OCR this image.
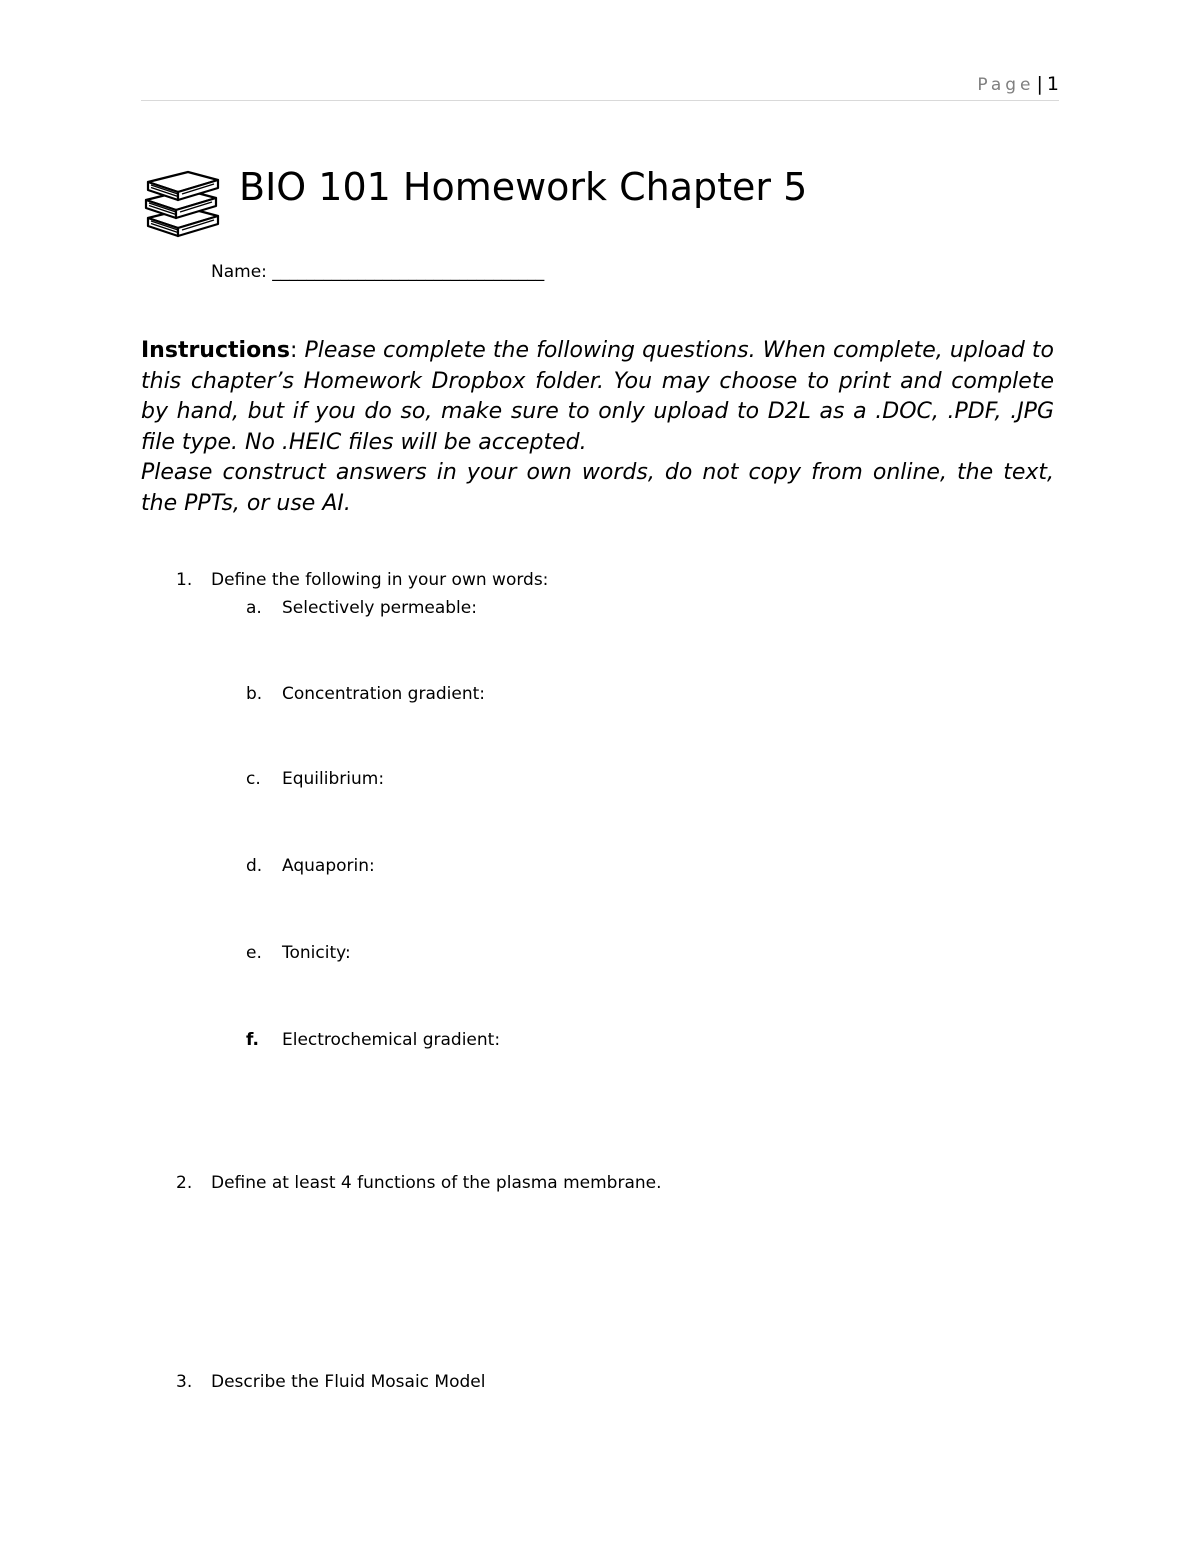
Page | 1
BIO 101 Homework Chapter 5
Name: ________________________________

Instructions: Please complete the following questions. When complete, upload to this chapter’s Homework Dropbox folder. You may choose to print and complete by hand, but if you do so, make sure to only upload to D2L as a .DOC, .PDF, .JPG file type. No .HEIC files will be accepted.

Please construct answers in your own words, do not copy from online, the text, the PPTs, or use AI.

1. Define the following in your own words:
a. Selectively permeable:
b. Concentration gradient:
c. Equilibrium:
d. Aquaporin:
e. Tonicity:
f. Electrochemical gradient:
2. Define at least 4 functions of the plasma membrane.
3. Describe the Fluid Mosaic Model
